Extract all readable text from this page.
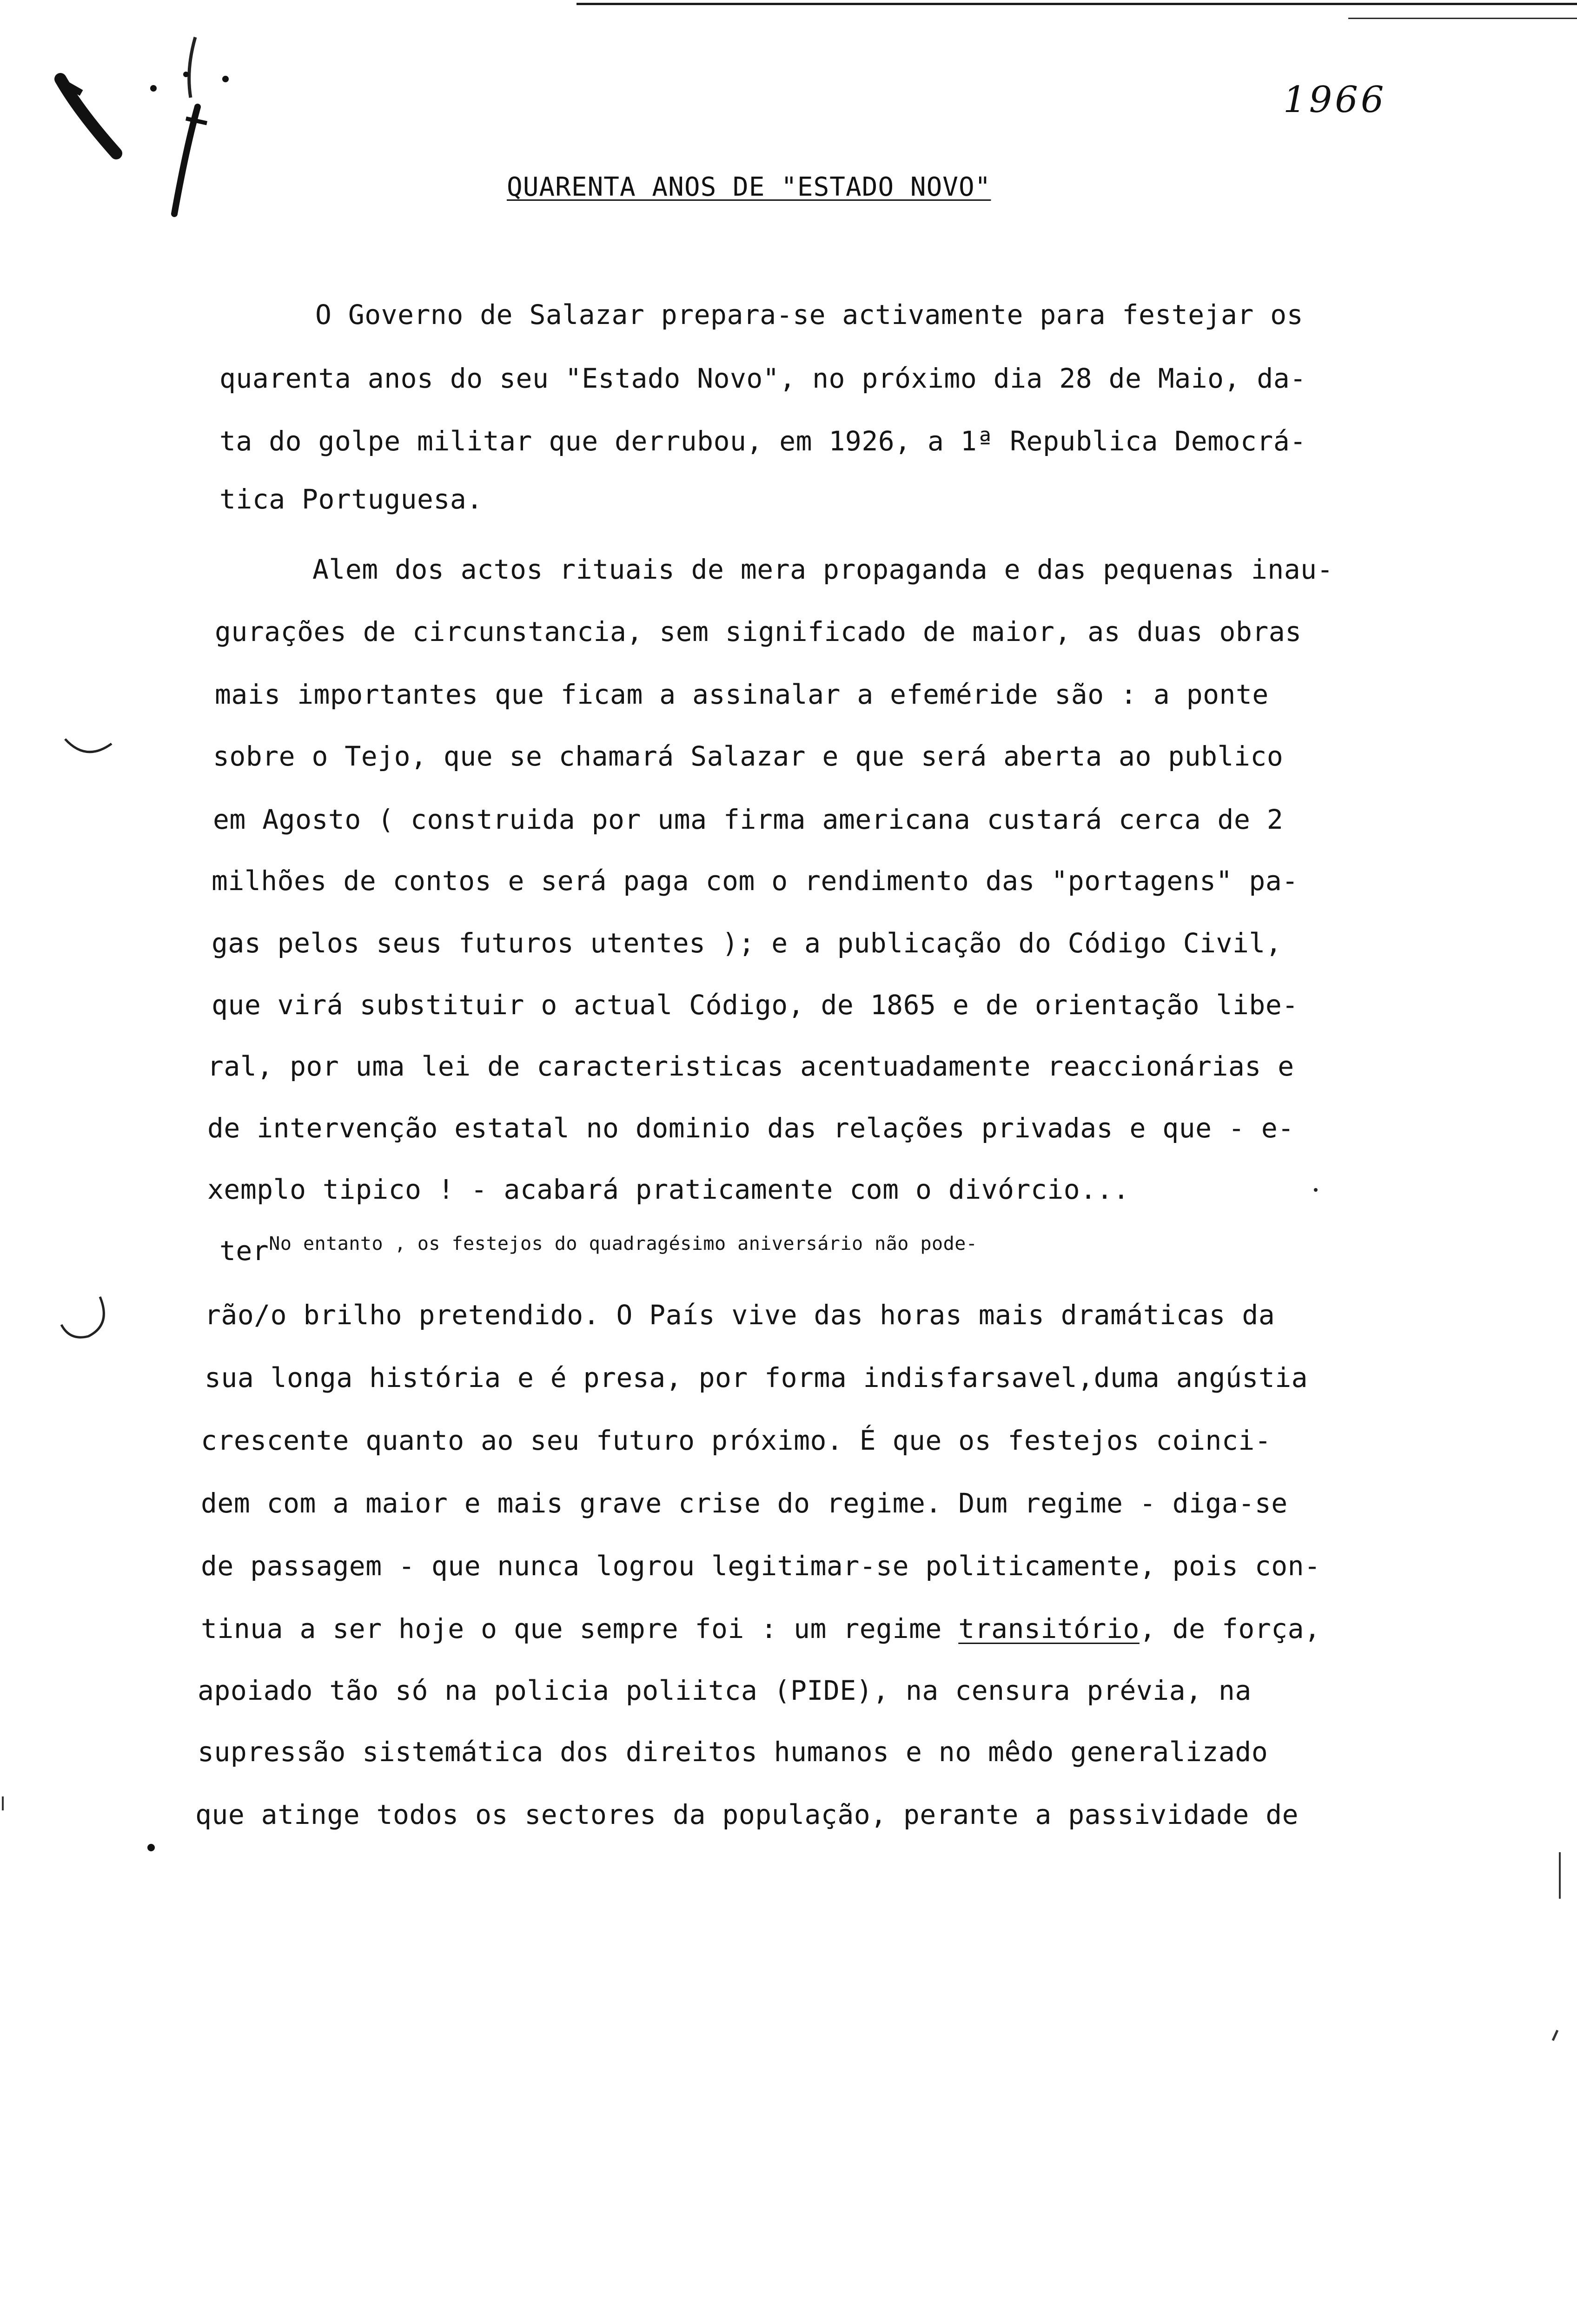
1966
QUARENTA ANOS DE "ESTADO NOVO"
O Governo de Salazar prepara-se activamente para festejar os
quarenta anos do seu "Estado Novo", no próximo dia 28 de Maio, da-
ta do golpe militar que derrubou, em 1926, a 1ª Republica Democrá-
tica Portuguesa.
Alem dos actos rituais de mera propaganda e das pequenas inau-
gurações de circunstancia, sem significado de maior, as duas obras
mais importantes que ficam a assinalar a efeméride são : a ponte
sobre o Tejo, que se chamará Salazar e que será aberta ao publico
em Agosto ( construida por uma firma americana custará cerca de 2
milhões de contos e será paga com o rendimento das "portagens" pa-
gas pelos seus futuros utentes ); e a publicação do Código Civil,
que virá substituir o actual Código, de 1865 e de orientação libe-
ral, por uma lei de caracteristicas acentuadamente reaccionárias e
de intervenção estatal no dominio das relações privadas e que - e-
xemplo tipico ! - acabará praticamente com o divórcio...
ter$^{No entanto , os festejos do quadragésimo aniversário não pode-}$
rão/o brilho pretendido. O País vive das horas mais dramáticas da
sua longa história e é presa, por forma indisfarsavel,duma angústia
crescente quanto ao seu futuro próximo. É que os festejos coinci-
dem com a maior e mais grave crise do regime. Dum regime - diga-se
de passagem - que nunca logrou legitimar-se politicamente, pois con-
tinua a ser hoje o que sempre foi : um regime transitório, de força,
apoiado tão só na policia poliitca (PIDE), na censura prévia, na
supressão sistemática dos direitos humanos e no mêdo generalizado
que atinge todos os sectores da população, perante a passividade de
